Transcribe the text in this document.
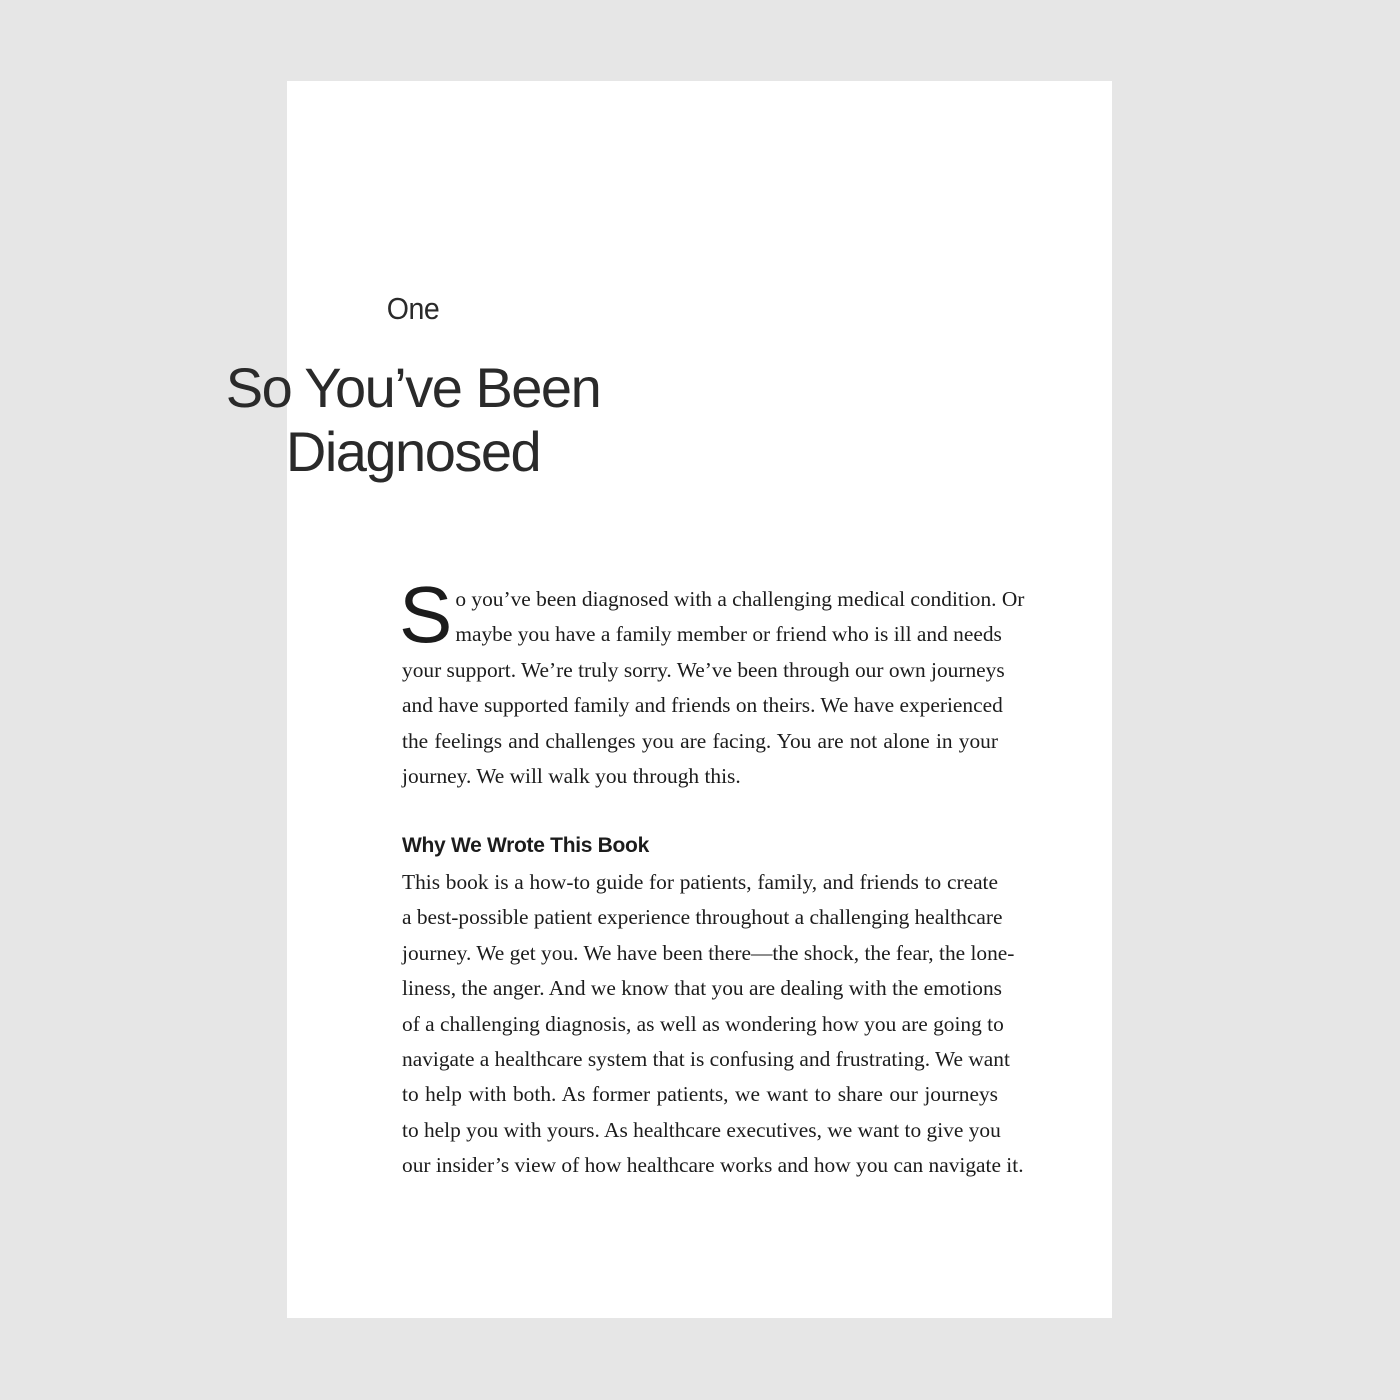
One
So You’ve Been
Diagnosed
S o you’ve been diagnosed with a challenging medical condition. Or
maybe you have a family member or friend who is ill and needs
your support. We’re truly sorry. We’ve been through our own journeys
and have supported family and friends on theirs. We have experienced
the feelings and challenges you are facing. You are not alone in your
journey. We will walk you through this.
Why We Wrote This Book
This book is a how-to guide for patients, family, and friends to create
a best-possible patient experience throughout a challenging healthcare
journey. We get you. We have been there—the shock, the fear, the lone-
liness, the anger. And we know that you are dealing with the emotions
of a challenging diagnosis, as well as wondering how you are going to
navigate a healthcare system that is confusing and frustrating. We want
to help with both. As former patients, we want to share our journeys
to help you with yours. As healthcare executives, we want to give you
our insider’s view of how healthcare works and how you can navigate it.
